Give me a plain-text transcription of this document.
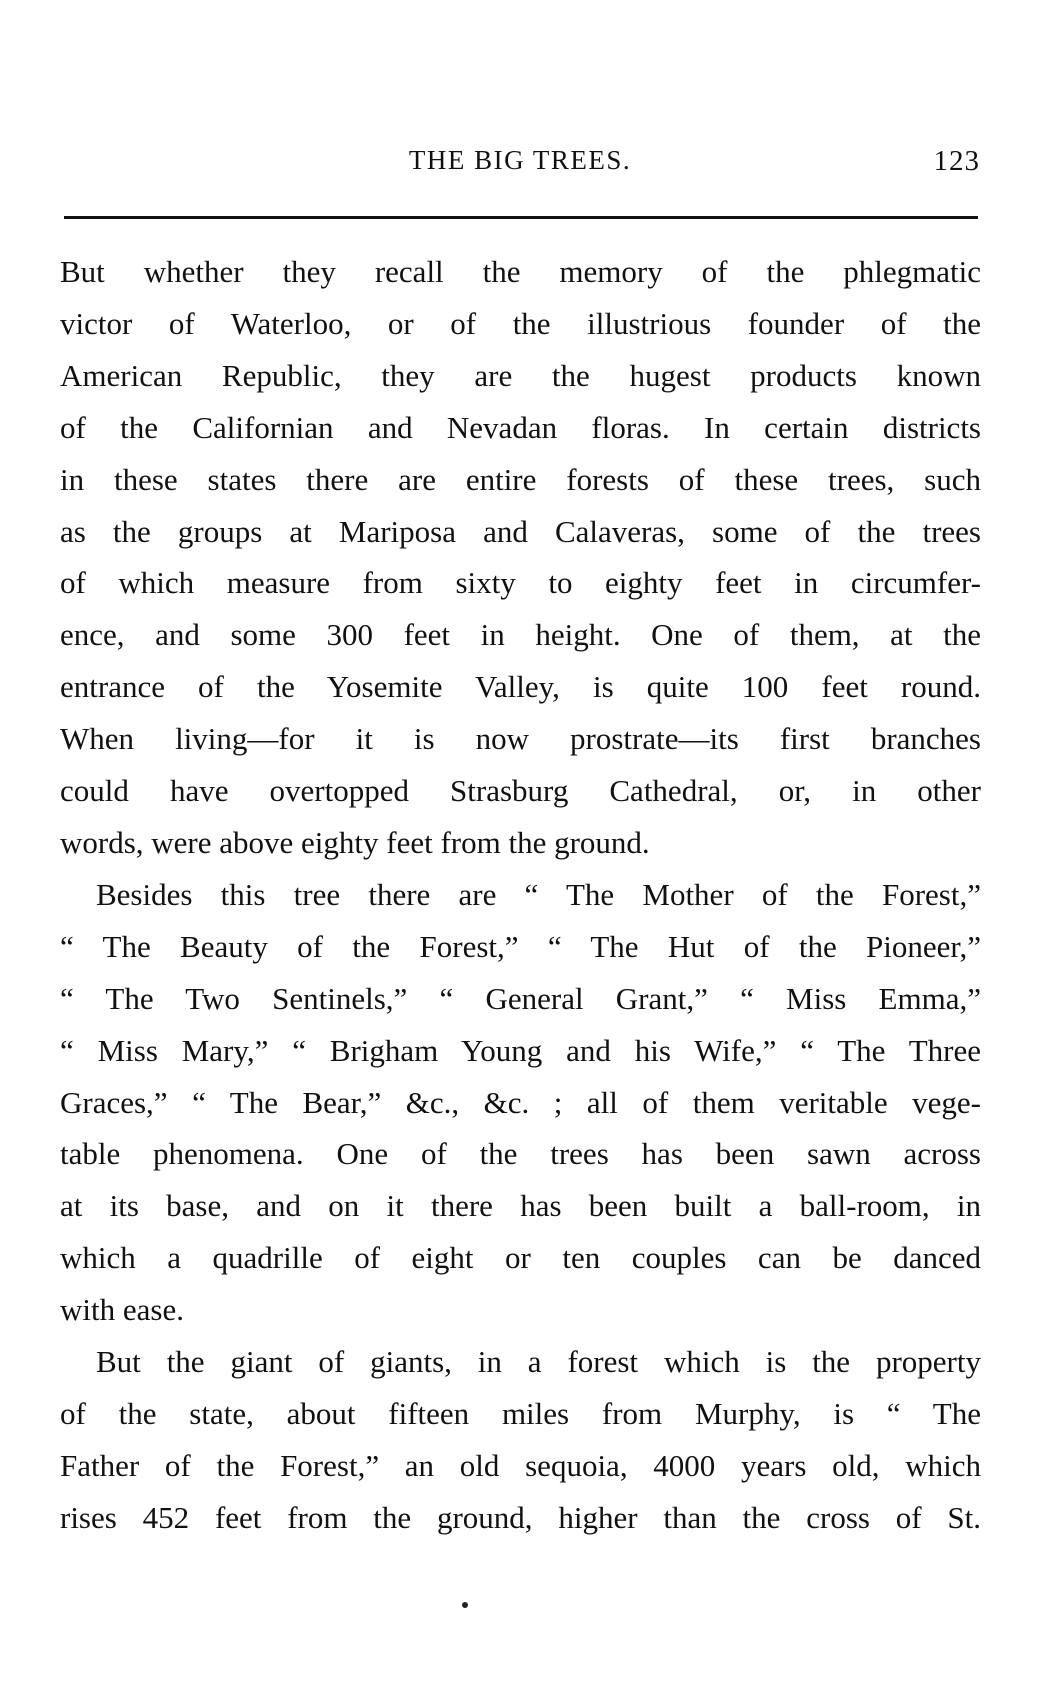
THE BIG TREES.	123
But whether they recall the memory of the phlegmatic
victor of Waterloo, or of the illustrious founder of the
American Republic, they are the hugest products known
of the Californian and Nevadan floras. In certain districts
in these states there are entire forests of these trees, such
as the groups at Mariposa and Calaveras, some of the trees
of which measure from sixty to eighty feet in circumfer-
ence, and some 300 feet in height. One of them, at the
entrance of the Yosemite Valley, is quite 100 feet round.
When living—for it is now prostrate—its first branches
could have overtopped Strasburg Cathedral, or, in other
words, were above eighty feet from the ground.
Besides this tree there are “ The Mother of the Forest,”
“ The Beauty of the Forest,” “ The Hut of the Pioneer,”
“ The Two Sentinels,” “ General Grant,” “ Miss Emma,”
“ Miss Mary,” “ Brigham Young and his Wife,” “ The Three
Graces,” “ The Bear,” &c., &c. ; all of them veritable vege-
table phenomena. One of the trees has been sawn across
at its base, and on it there has been built a ball-room, in
which a quadrille of eight or ten couples can be danced
with ease.
But the giant of giants, in a forest which is the property
of the state, about fifteen miles from Murphy, is “ The
Father of the Forest,” an old sequoia, 4000 years old, which
rises 452 feet from the ground, higher than the cross of St.
